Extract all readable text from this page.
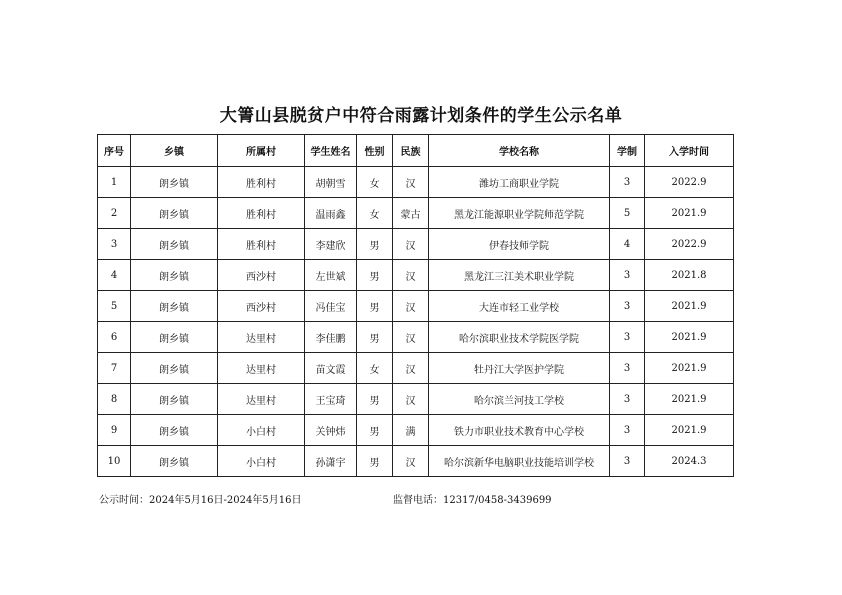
大箐山县脱贫户中符合雨露计划条件的学生公示名单
序号	乡镇	所属村	学生姓名	性别	民族	学校名称	学制	入学时间
1	朗乡镇	胜利村	胡朝雪	女	汉	潍坊工商职业学院	3	2022.9
2	朗乡镇	胜利村	温雨鑫	女	蒙古	黑龙江能源职业学院师范学院	5	2021.9
3	朗乡镇	胜利村	李建欣	男	汉	伊春技师学院	4	2022.9
4	朗乡镇	西沙村	左世斌	男	汉	黑龙江三江美术职业学院	3	2021.8
5	朗乡镇	西沙村	冯佳宝	男	汉	大连市轻工业学校	3	2021.9
6	朗乡镇	达里村	李佳鹏	男	汉	哈尔滨职业技术学院医学院	3	2021.9
7	朗乡镇	达里村	苗文霞	女	汉	牡丹江大学医护学院	3	2021.9
8	朗乡镇	达里村	王宝琦	男	汉	哈尔滨兰河技工学校	3	2021.9
9	朗乡镇	小白村	关钟炜	男	满	铁力市职业技术教育中心学校	3	2021.9
10	朗乡镇	小白村	孙潇宇	男	汉	哈尔滨新华电脑职业技能培训学校	3	2024.3
公示时间：2024年5月16日-2024年5月16日	监督电话：12317/0458-3439699
